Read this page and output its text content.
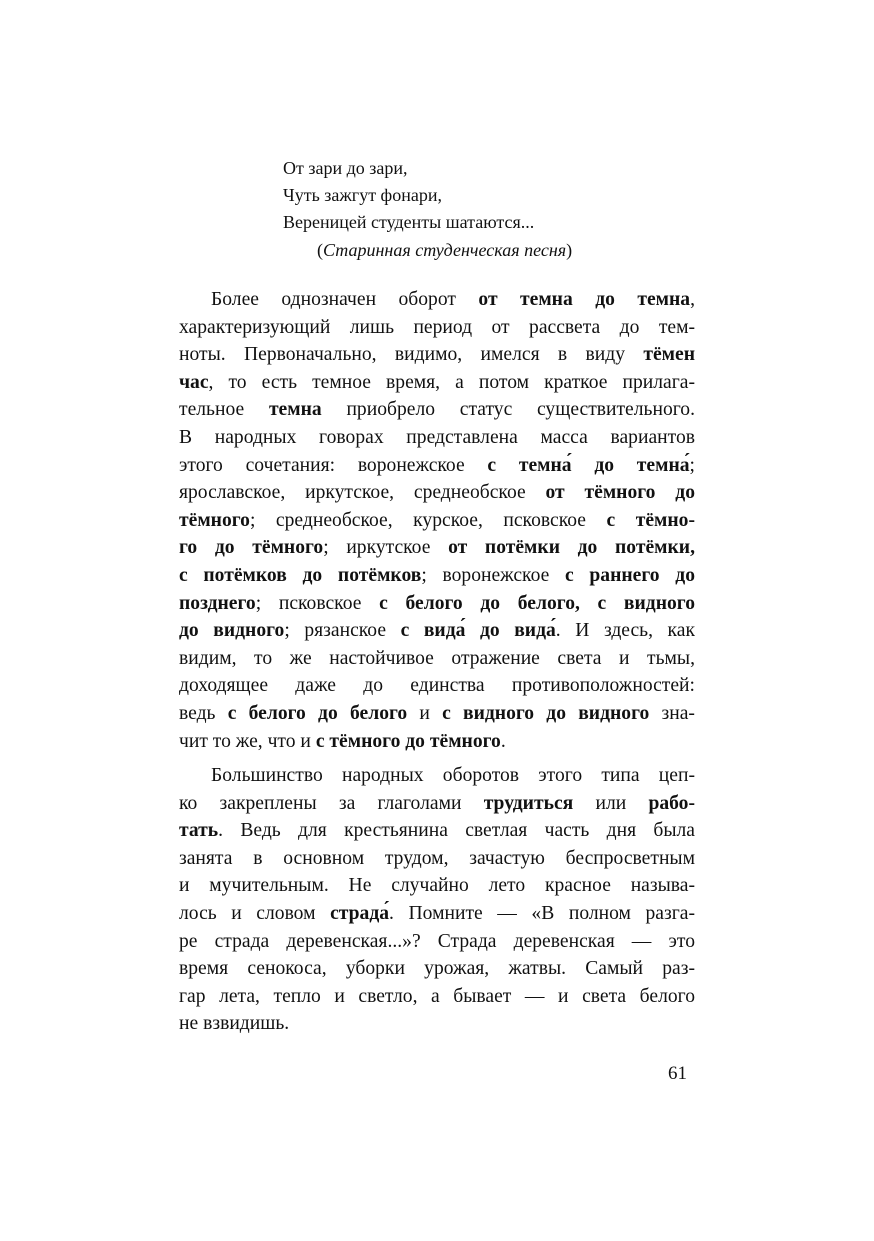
От зари до зари,
Чуть зажгут фонари,
Вереницей студенты шатаются...
(Старинная студенческая песня)
Более однозначен оборот от темна до темна,
характеризующий лишь период от рассвета до тем-
ноты. Первоначально, видимо, имелся в виду тёмен
час, то есть темное время, а потом краткое прилага-
тельное темна приобрело статус существительного.
В народных говорах представлена масса вариантов
этого сочетания: воронежское с темна́ до темна́;
ярославское, иркутское, среднеобское от тёмного до
тёмного; среднеобское, курское, псковское с тёмно-
го до тёмного; иркутское от потёмки до потёмки,
с потёмков до потёмков; воронежское с раннего до
позднего; псковское с белого до белого, с видного
до видного; рязанское с вида́ до вида́. И здесь, как
видим, то же настойчивое отражение света и тьмы,
доходящее даже до единства противоположностей:
ведь с белого до белого и с видного до видного зна-
чит то же, что и с тёмного до тёмного.
Большинство народных оборотов этого типа цеп-
ко закреплены за глаголами трудиться или рабо-
тать. Ведь для крестьянина светлая часть дня была
занята в основном трудом, зачастую беспросветным
и мучительным. Не случайно лето красное называ-
лось и словом страда́. Помните — «В полном разга-
ре страда деревенская...»? Страда деревенская — это
время сенокоса, уборки урожая, жатвы. Самый раз-
гар лета, тепло и светло, а бывает — и света белого
не взвидишь.
61
